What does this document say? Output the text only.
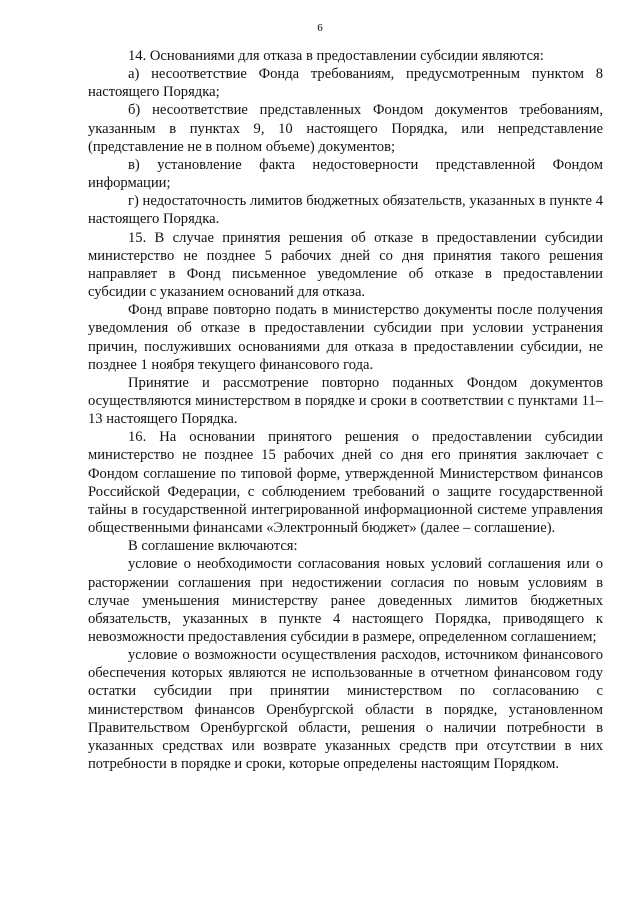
6

14. Основаниями для отказа в предоставлении субсидии являются:

а) несоответствие Фонда требованиям, предусмотренным пунктом 8 настоящего Порядка;

б) несоответствие представленных Фондом документов требованиям, указанным в пунктах 9, 10 настоящего Порядка, или непредставление (представление не в полном объеме) документов;

в) установление факта недостоверности представленной Фондом информации;

г) недостаточность лимитов бюджетных обязательств, указанных в пункте 4 настоящего Порядка.

15. В случае принятия решения об отказе в предоставлении субсидии министерство не позднее 5 рабочих дней со дня принятия такого решения направляет в Фонд письменное уведомление об отказе в предоставлении субсидии с указанием оснований для отказа.

Фонд вправе повторно подать в министерство документы после получения уведомления об отказе в предоставлении субсидии при условии устранения причин, послуживших основаниями для отказа в предоставлении субсидии, не позднее 1 ноября текущего финансового года.

Принятие и рассмотрение повторно поданных Фондом документов осуществляются министерством в порядке и сроки в соответствии с пунктами 11–13 настоящего Порядка.

16. На основании принятого решения о предоставлении субсидии министерство не позднее 15 рабочих дней со дня его принятия заключает с Фондом соглашение по типовой форме, утвержденной Министерством финансов Российской Федерации, с соблюдением требований о защите государственной тайны в государственной интегрированной информационной системе управления общественными финансами «Электронный бюджет» (далее – соглашение).

В соглашение включаются:

условие о необходимости согласования новых условий соглашения или о расторжении соглашения при недостижении согласия по новым условиям в случае уменьшения министерству ранее доведенных лимитов бюджетных обязательств, указанных в пункте 4 настоящего Порядка, приводящего к невозможности предоставления субсидии в размере, определенном соглашением;

условие о возможности осуществления расходов, источником финансового обеспечения которых являются не использованные в отчетном финансовом году остатки субсидии при принятии министерством по согласованию с министерством финансов Оренбургской области в порядке, установленном Правительством Оренбургской области, решения о наличии потребности в указанных средствах или возврате указанных средств при отсутствии в них потребности в порядке и сроки, которые определены настоящим Порядком.
